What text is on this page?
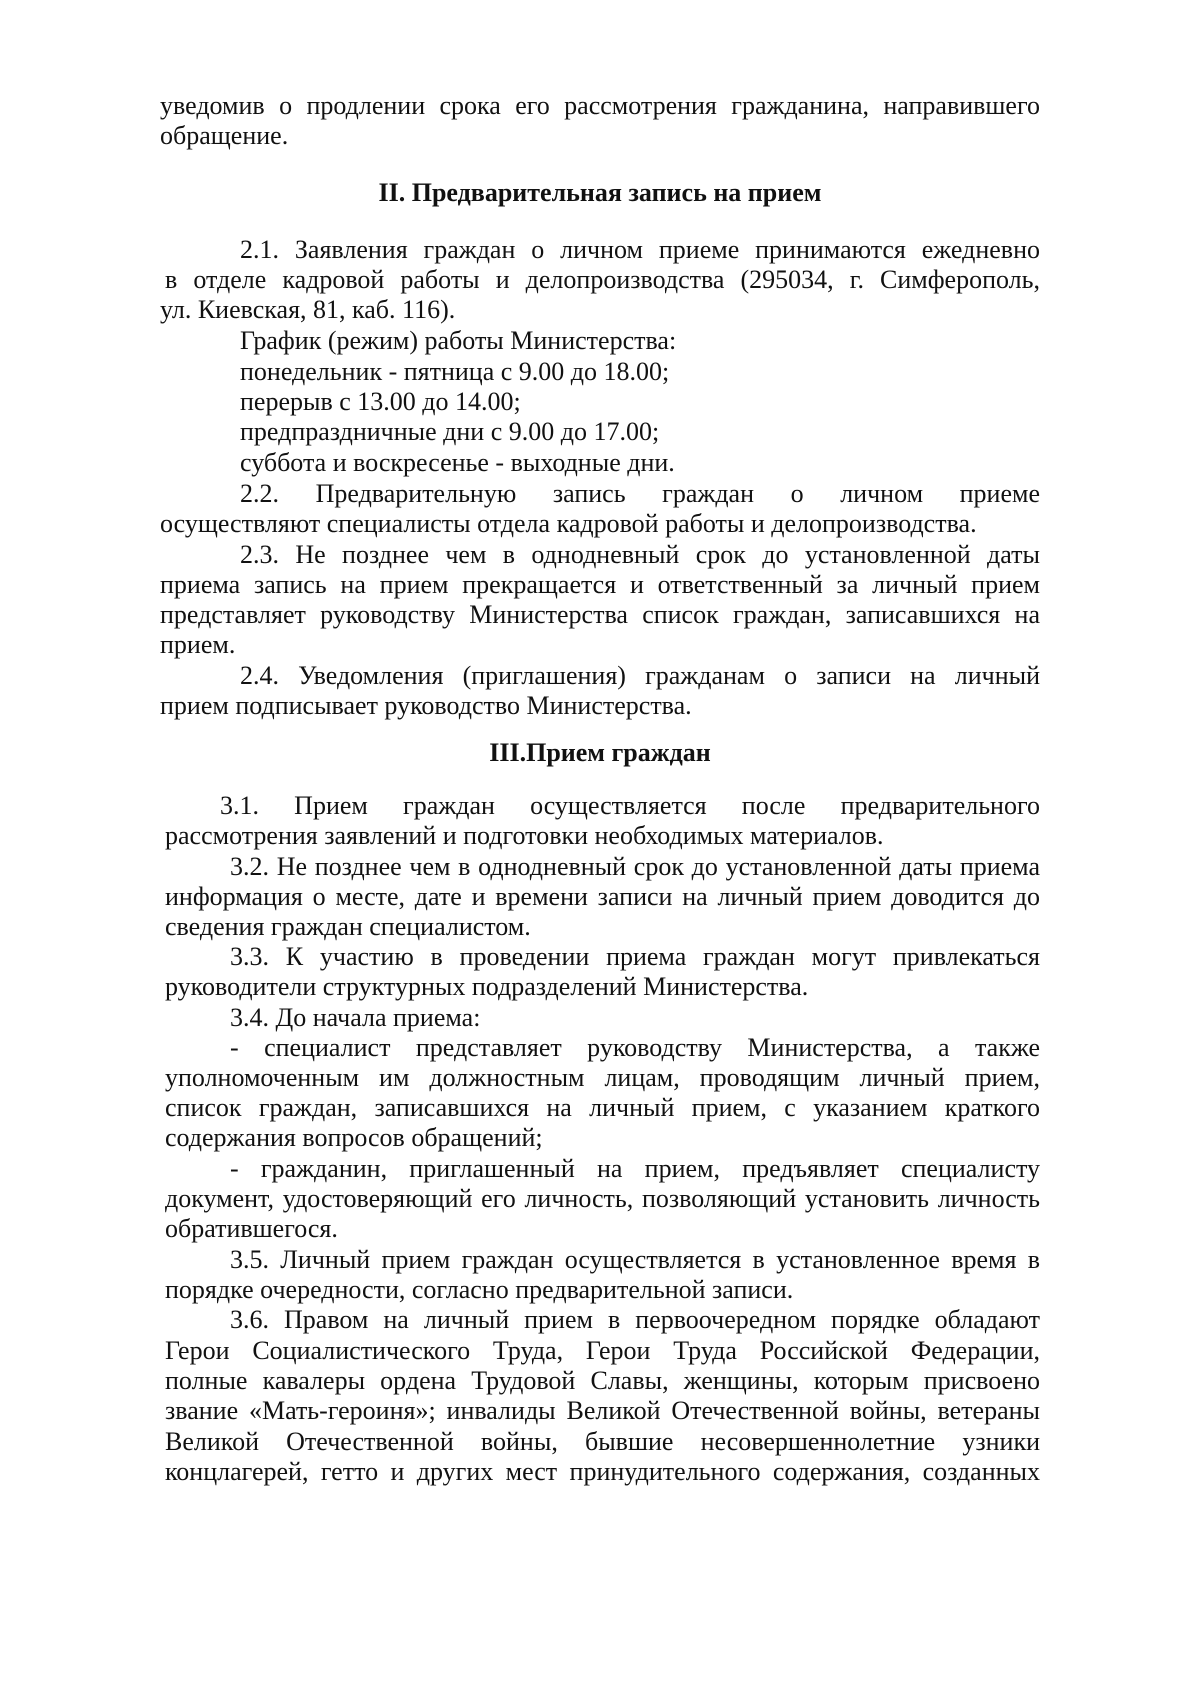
уведомив о продлении срока его рассмотрения гражданина, направившего

обращение.

II. Предварительная запись на прием

2.1. Заявления граждан о личном приеме принимаются ежедневно

в отделе кадровой работы и делопроизводства (295034, г. Симферополь,

ул. Киевская, 81, каб. 116).

График (режим) работы Министерства:

понедельник - пятница с 9.00 до 18.00;

перерыв с 13.00 до 14.00;

предпраздничные дни с 9.00 до 17.00;

суббота и воскресенье - выходные дни.

2.2. Предварительную запись граждан о личном приеме

осуществляют специалисты отдела кадровой работы и делопроизводства.

2.3. Не позднее чем в однодневный срок до установленной даты

приема запись на прием прекращается и ответственный за личный прием

представляет руководству Министерства список граждан, записавшихся на

прием.

2.4. Уведомления (приглашения) гражданам о записи на личный

прием подписывает руководство Министерства.

III.Прием граждан

3.1. Прием граждан осуществляется после предварительного

рассмотрения заявлений и подготовки необходимых материалов.

3.2. Не позднее чем в однодневный срок до установленной даты приема

информация о месте, дате и времени записи на личный прием доводится до

сведения граждан специалистом.

3.3. К участию в проведении приема граждан могут привлекаться

руководители структурных подразделений Министерства.

3.4. До начала приема:

- специалист представляет руководству Министерства, а также

уполномоченным им должностным лицам, проводящим личный прием,

список граждан, записавшихся на личный прием, с указанием краткого

содержания вопросов обращений;

- гражданин, приглашенный на прием, предъявляет специалисту

документ, удостоверяющий его личность, позволяющий установить личность

обратившегося.

3.5. Личный прием граждан осуществляется в установленное время в

порядке очередности, согласно предварительной записи.

3.6. Правом на личный прием в первоочередном порядке обладают

Герои Социалистического Труда, Герои Труда Российской Федерации,

полные кавалеры ордена Трудовой Славы, женщины, которым присвоено

звание «Мать-героиня»; инвалиды Великой Отечественной войны, ветераны

Великой Отечественной войны, бывшие несовершеннолетние узники

концлагерей, гетто и других мест принудительного содержания, созданных
